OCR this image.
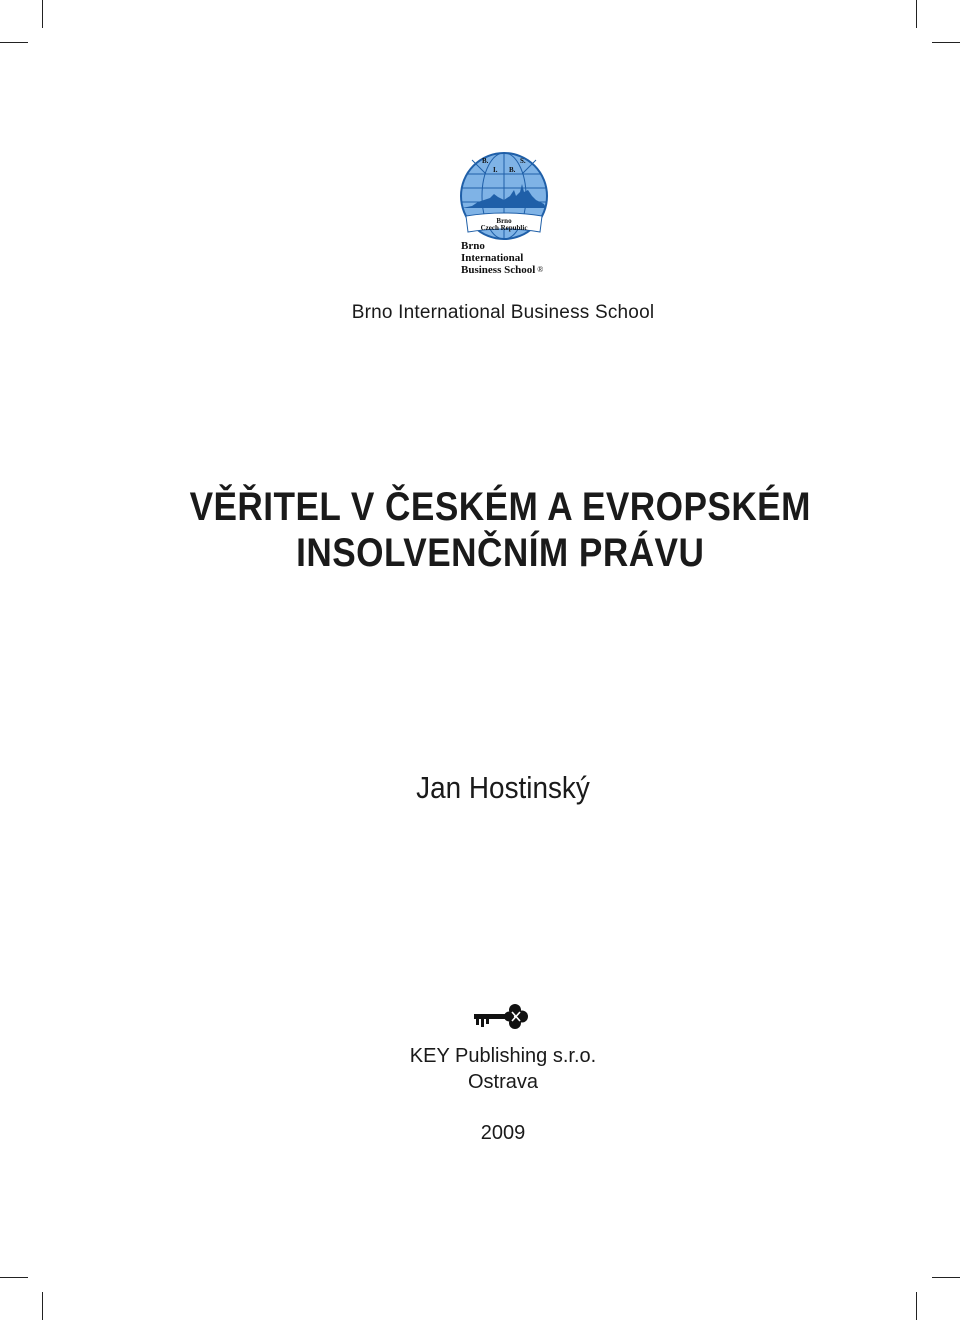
B.
I. B.
S.
Brno
Czech Republic
Brno
International
Business School ®
Brno International Business School
VĚŘITEL V ČESKÉM A EVROPSKÉM
INSOLVENČNÍM PRÁVU
Jan Hostinský
KEY Publishing s.r.o.
Ostrava
2009
